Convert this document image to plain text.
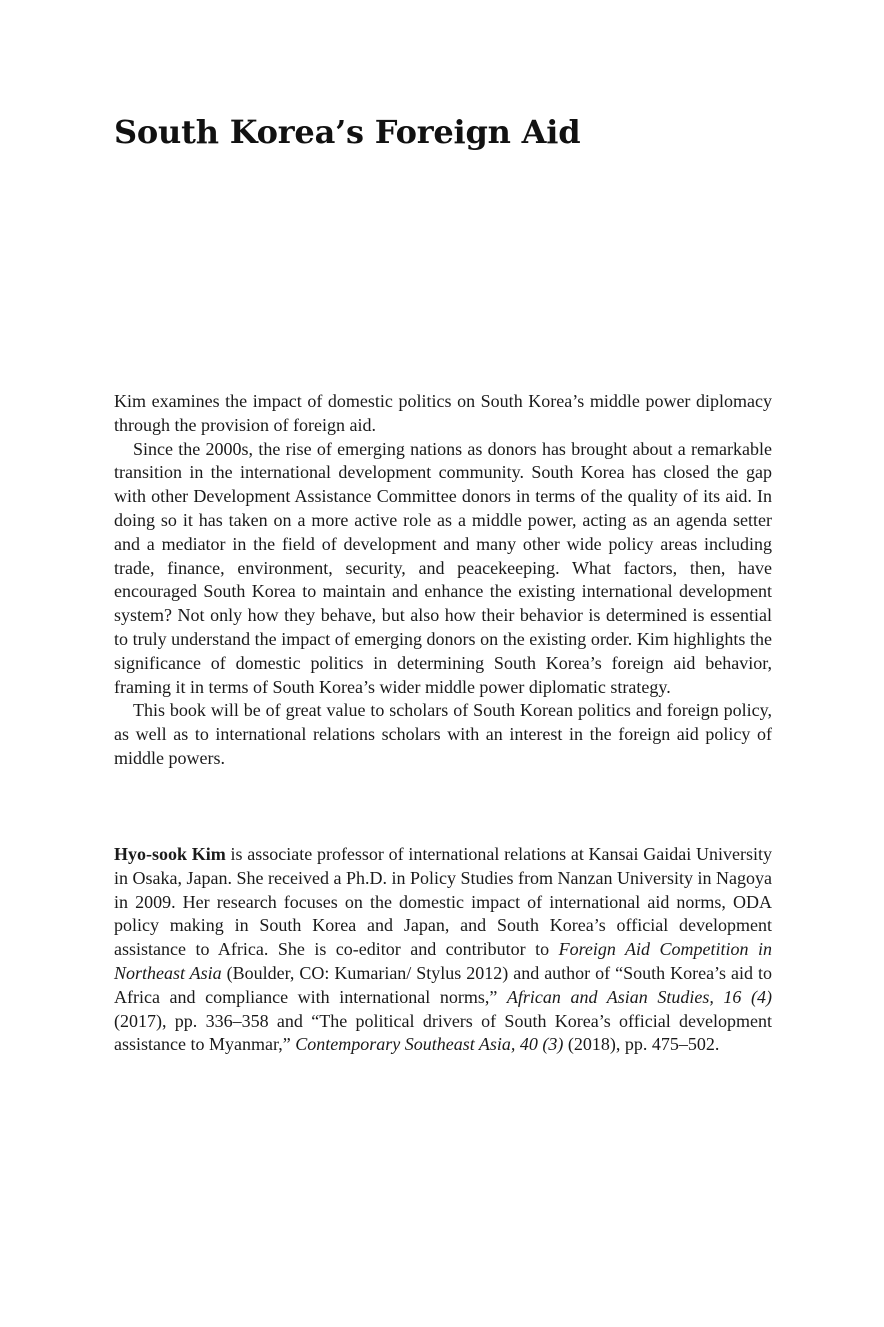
South Korea’s Foreign Aid

Kim examines the impact of domestic politics on South Korea’s middle power diplomacy through the provision of foreign aid.

Since the 2000s, the rise of emerging nations as donors has brought about a remarkable transition in the international development community. South Korea has closed the gap with other Development Assistance Committee donors in terms of the quality of its aid. In doing so it has taken on a more active role as a middle power, acting as an agenda setter and a mediator in the field of development and many other wide policy areas including trade, finance, environment, security, and peacekeeping. What factors, then, have encouraged South Korea to maintain and enhance the existing international development system? Not only how they behave, but also how their behavior is determined is essential to truly understand the impact of emerging donors on the existing order. Kim highlights the significance of domestic politics in determining South Korea’s foreign aid behavior, framing it in terms of South Korea’s wider middle power diplomatic strategy.

This book will be of great value to scholars of South Korean politics and foreign policy, as well as to international relations scholars with an interest in the foreign aid policy of middle powers.

Hyo-sook Kim is associate professor of international relations at Kansai Gaidai University in Osaka, Japan. She received a Ph.D. in Policy Studies from Nanzan University in Nagoya in 2009. Her research focuses on the domestic impact of international aid norms, ODA policy making in South Korea and Japan, and South Korea’s official development assistance to Africa. She is co-editor and contributor to Foreign Aid Competition in Northeast Asia (Boulder, CO: Kumarian/ Stylus 2012) and author of “South Korea’s aid to Africa and compliance with international norms,” African and Asian Studies, 16 (4) (2017), pp. 336–358 and “The political drivers of South Korea’s official development assistance to Myanmar,” Contemporary Southeast Asia, 40 (3) (2018), pp. 475–502.
